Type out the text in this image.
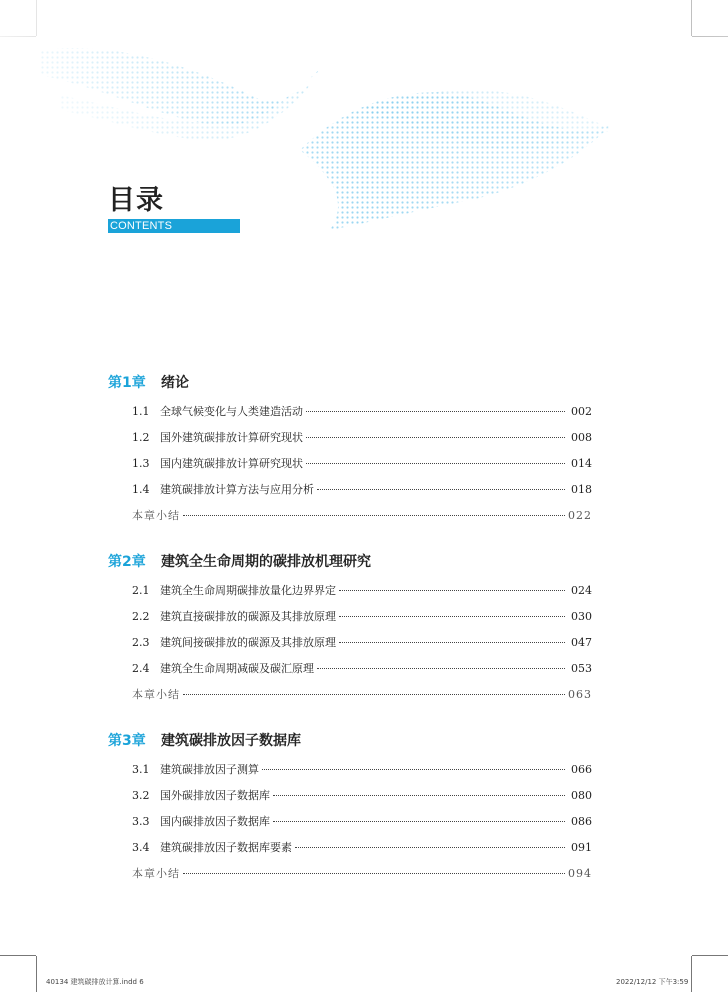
目录
CONTENTS
第1章	绪论
1.1 全球气候变化与人类建造活动	002
1.2 国外建筑碳排放计算研究现状	008
1.3 国内建筑碳排放计算研究现状	014
1.4 建筑碳排放计算方法与应用分析	018
本章小结	022
第2章	建筑全生命周期的碳排放机理研究
2.1 建筑全生命周期碳排放量化边界界定	024
2.2 建筑直接碳排放的碳源及其排放原理	030
2.3 建筑间接碳排放的碳源及其排放原理	047
2.4 建筑全生命周期减碳及碳汇原理	053
本章小结	063
第3章	建筑碳排放因子数据库
3.1 建筑碳排放因子测算	066
3.2 国外碳排放因子数据库	080
3.3 国内碳排放因子数据库	086
3.4 建筑碳排放因子数据库要素	091
本章小结	094
40134 建筑碳排放计算.indd 6	2022/12/12 下午3:59
